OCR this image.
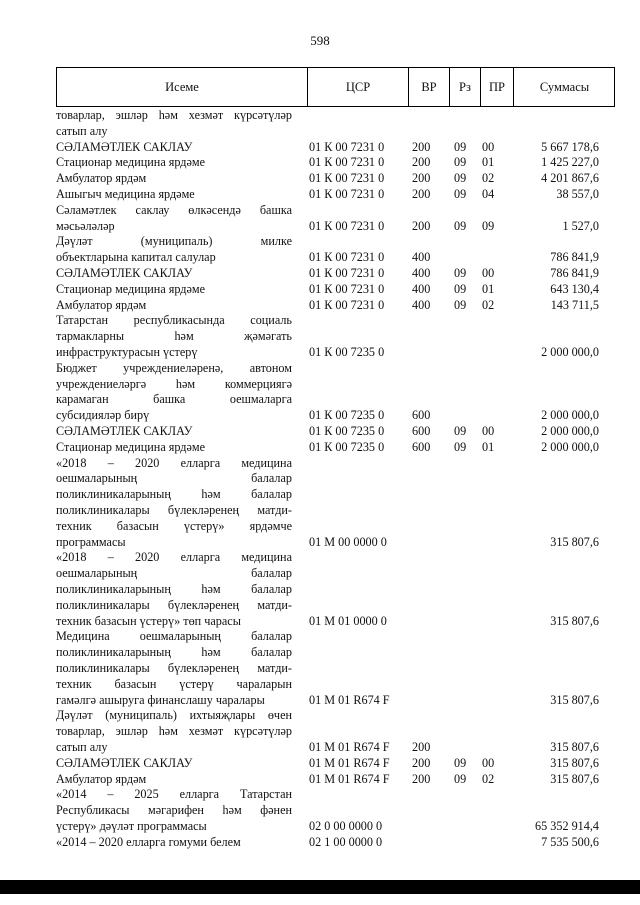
598
Исеме	ЦСР	ВР	Рз	ПР	Суммасы
товарлар, эшләр һәм хезмәт күрсәтүләр
сатып алу
СӘЛАМӘТЛЕК САКЛАУ	01 К 00 7231 0	200	09	00	5 667 178,6
Стационар медицина ярдәме	01 К 00 7231 0	200	09	01	1 425 227,0
Амбулатор ярдәм	01 К 00 7231 0	200	09	02	4 201 867,6
Ашыгыч медицина ярдәме	01 К 00 7231 0	200	09	04	38 557,0
Сәламәтлек саклау өлкәсендә башка
мәсьәләләр	01 К 00 7231 0	200	09	09	1 527,0
Дәүләт (муниципаль) милке
объектларына капитал салулар	01 К 00 7231 0	400	786 841,9
СӘЛАМӘТЛЕК САКЛАУ	01 К 00 7231 0	400	09	00	786 841,9
Стационар медицина ярдәме	01 К 00 7231 0	400	09	01	643 130,4
Амбулатор ярдәм	01 К 00 7231 0	400	09	02	143 711,5
Татарстан республикасында социаль
тармакларны һәм җәмәгать
инфраструктурасын үстерү	01 К 00 7235 0	2 000 000,0
Бюджет учреждениеләренә, автоном
учреждениеләргә һәм коммерциягә
карамаган башка оешмаларга
субсидияләр бирү	01 К 00 7235 0	600	2 000 000,0
СӘЛАМӘТЛЕК САКЛАУ	01 К 00 7235 0	600	09	00	2 000 000,0
Стационар медицина ярдәме	01 К 00 7235 0	600	09	01	2 000 000,0
«2018 – 2020 елларга медицина
оешмаларының балалар
поликлиникаларының һәм балалар
поликлиникалары бүлекләренең матди-
техник базасын үстерү» ярдәмче
программасы	01 М 00 0000 0	315 807,6
«2018 – 2020 елларга медицина
оешмаларының балалар
поликлиникаларының һәм балалар
поликлиникалары бүлекләренең матди-
техник базасын үстерү» төп чарасы	01 М 01 0000 0	315 807,6
Медицина оешмаларының балалар
поликлиникаларының һәм балалар
поликлиникалары бүлекләренең матди-
техник базасын үстерү чараларын
гамәлгә ашыруга финанслашу чаралары	01 М 01 R674 F	315 807,6
Дәүләт (муниципаль) ихтыяҗлары өчен
товарлар, эшләр һәм хезмәт күрсәтүләр
сатып алу	01 М 01 R674 F	200	315 807,6
СӘЛАМӘТЛЕК САКЛАУ	01 М 01 R674 F	200	09	00	315 807,6
Амбулатор ярдәм	01 М 01 R674 F	200	09	02	315 807,6
«2014 – 2025 елларга Татарстан
Республикасы мәгарифен һәм фәнен
үстерү» дәүләт программасы	02 0 00 0000 0	65 352 914,4
«2014 – 2020 елларга гомуми белем	02 1 00 0000 0	7 535 500,6
